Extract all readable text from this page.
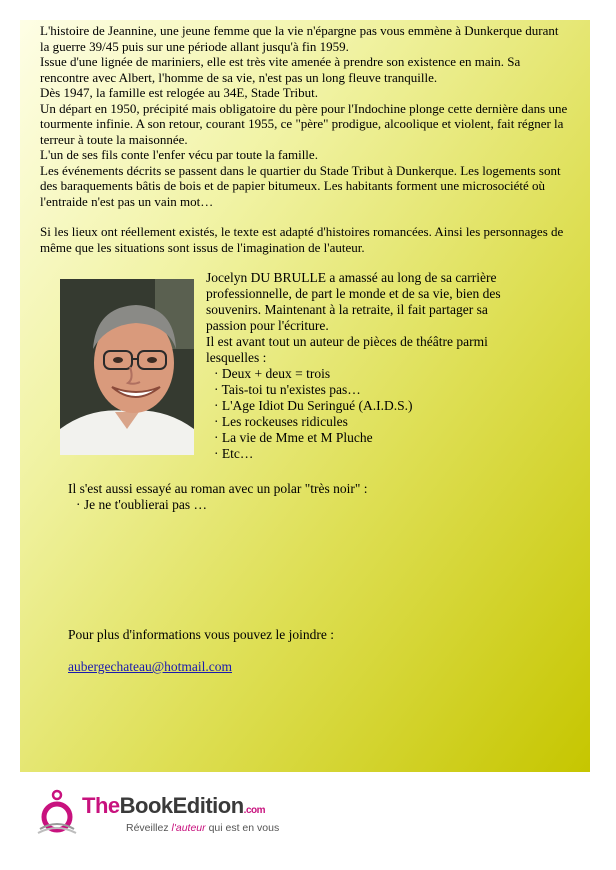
L'histoire de Jeannine, une jeune femme que la vie n'épargne pas vous emmène à Dunkerque durant

la guerre 39/45 puis sur une période allant jusqu'à fin 1959.

Issue d'une lignée de mariniers, elle est très vite amenée à prendre son existence en main. Sa

rencontre avec Albert, l'homme de sa vie, n'est pas un long fleuve tranquille.

Dès 1947, la famille est relogée au 34E, Stade Tribut.

Un départ en 1950, précipité mais obligatoire du père pour l'Indochine plonge cette dernière dans une

tourmente infinie. A son retour, courant 1955, ce "père" prodigue, alcoolique et violent, fait régner la

terreur à toute la maisonnée.

L'un de ses fils conte l'enfer vécu par toute la famille.

Les événements décrits se passent dans le quartier du Stade Tribut à Dunkerque. Les logements sont

des baraquements bâtis de bois et de papier bitumeux. Les habitants forment une microsociété où

l'entraide n'est pas un vain mot…

Si les lieux ont réellement existés, le texte est adapté d'histoires romancées. Ainsi les personnages de

même que les situations sont issus de l'imagination de l'auteur.

Jocelyn DU BRULLE a amassé au long de sa carrière

professionnelle, de part le monde et de sa vie, bien des

souvenirs. Maintenant à la retraite, il fait partager sa

passion pour l'écriture.

Il est avant tout un auteur de pièces de théâtre parmi

lesquelles :

· Deux + deux = trois
· Tais-toi tu n'existes pas…
· L'Age Idiot Du Seringué (A.I.D.S.)
· Les rockeuses ridicules
· La vie de Mme et M Pluche
· Etc…

Il s'est aussi essayé au roman avec un polar "très noir" :

· Je ne t'oublierai pas …

Pour plus d'informations vous pouvez le joindre :

aubergechateau@hotmail.com

TheBookEdition.com
Réveillez l'auteur qui est en vous
